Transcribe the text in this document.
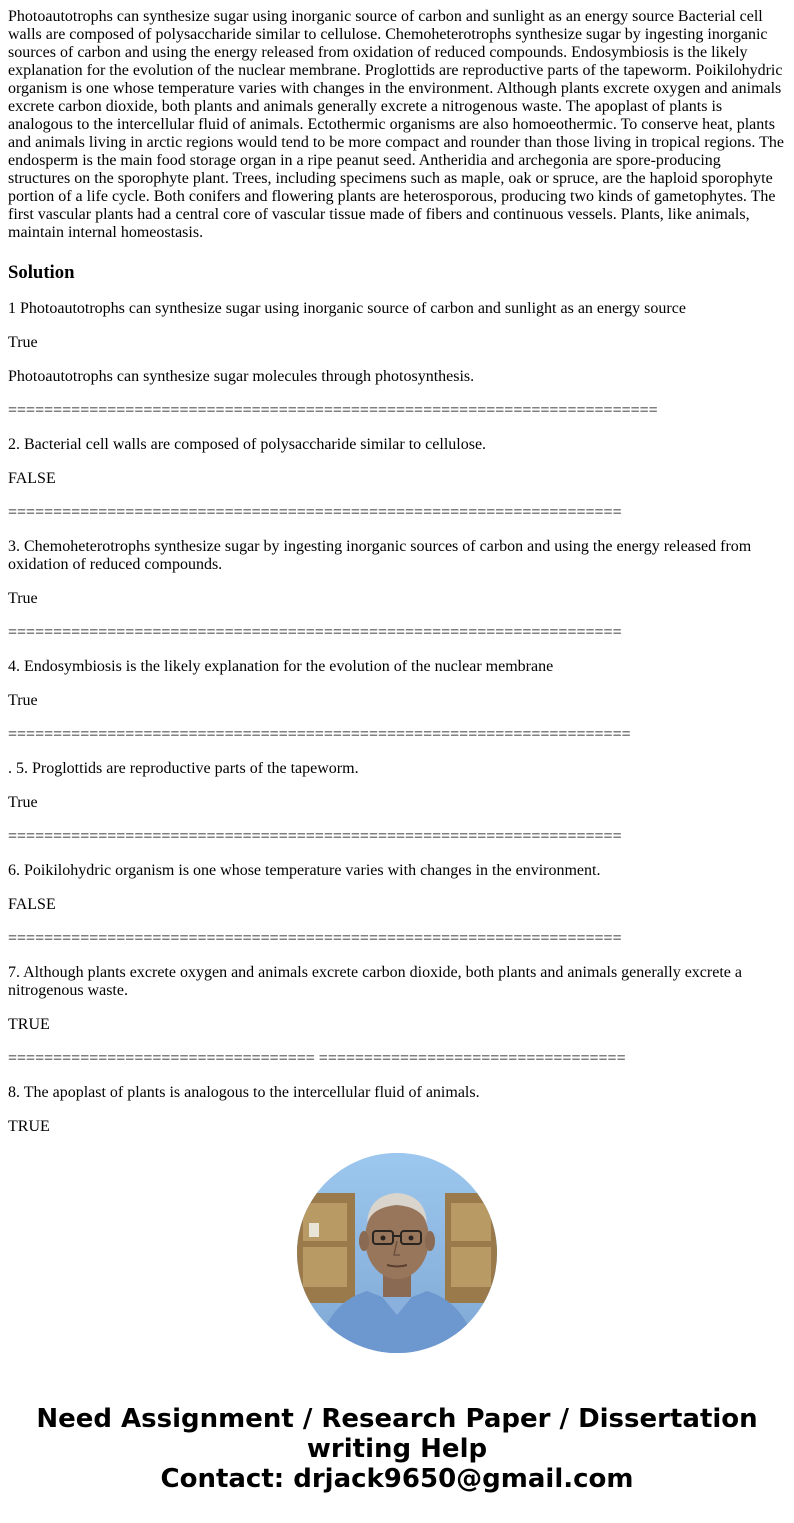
Photoautotrophs can synthesize sugar using inorganic source of carbon and sunlight as an energy source Bacterial cell walls are composed of polysaccharide similar to cellulose. Chemoheterotrophs synthesize sugar by ingesting inorganic sources of carbon and using the energy released from oxidation of reduced compounds. Endosymbiosis is the likely explanation for the evolution of the nuclear membrane. Proglottids are reproductive parts of the tapeworm. Poikilohydric organism is one whose temperature varies with changes in the environment. Although plants excrete oxygen and animals excrete carbon dioxide, both plants and animals generally excrete a nitrogenous waste. The apoplast of plants is analogous to the intercellular fluid of animals. Ectothermic organisms are also homoeothermic. To conserve heat, plants and animals living in arctic regions would tend to be more compact and rounder than those living in tropical regions. The endosperm is the main food storage organ in a ripe peanut seed. Antheridia and archegonia are spore-producing structures on the sporophyte plant. Trees, including specimens such as maple, oak or spruce, are the haploid sporophyte portion of a life cycle. Both conifers and flowering plants are heterosporous, producing two kinds of gametophytes. The first vascular plants had a central core of vascular tissue made of fibers and continuous vessels. Plants, like animals, maintain internal homeostasis.

Solution

1 Photoautotrophs can synthesize sugar using inorganic source of carbon and sunlight as an energy source

True

Photoautotrophs can synthesize sugar molecules through photosynthesis.

========================================================================

2. Bacterial cell walls are composed of polysaccharide similar to cellulose.

FALSE

====================================================================

3. Chemoheterotrophs synthesize sugar by ingesting inorganic sources of carbon and using the energy released from oxidation of reduced compounds.

True

====================================================================

4. Endosymbiosis is the likely explanation for the evolution of the nuclear membrane

True

=====================================================================

. 5. Proglottids are reproductive parts of the tapeworm.

True

====================================================================

6. Poikilohydric organism is one whose temperature varies with changes in the environment.

FALSE

====================================================================

7. Although plants excrete oxygen and animals excrete carbon dioxide, both plants and animals generally excrete a nitrogenous waste.

TRUE

================================== ==================================

8. The apoplast of plants is analogous to the intercellular fluid of animals.

TRUE

Need Assignment / Research Paper / Dissertation
writing Help
Contact: drjack9650@gmail.com
